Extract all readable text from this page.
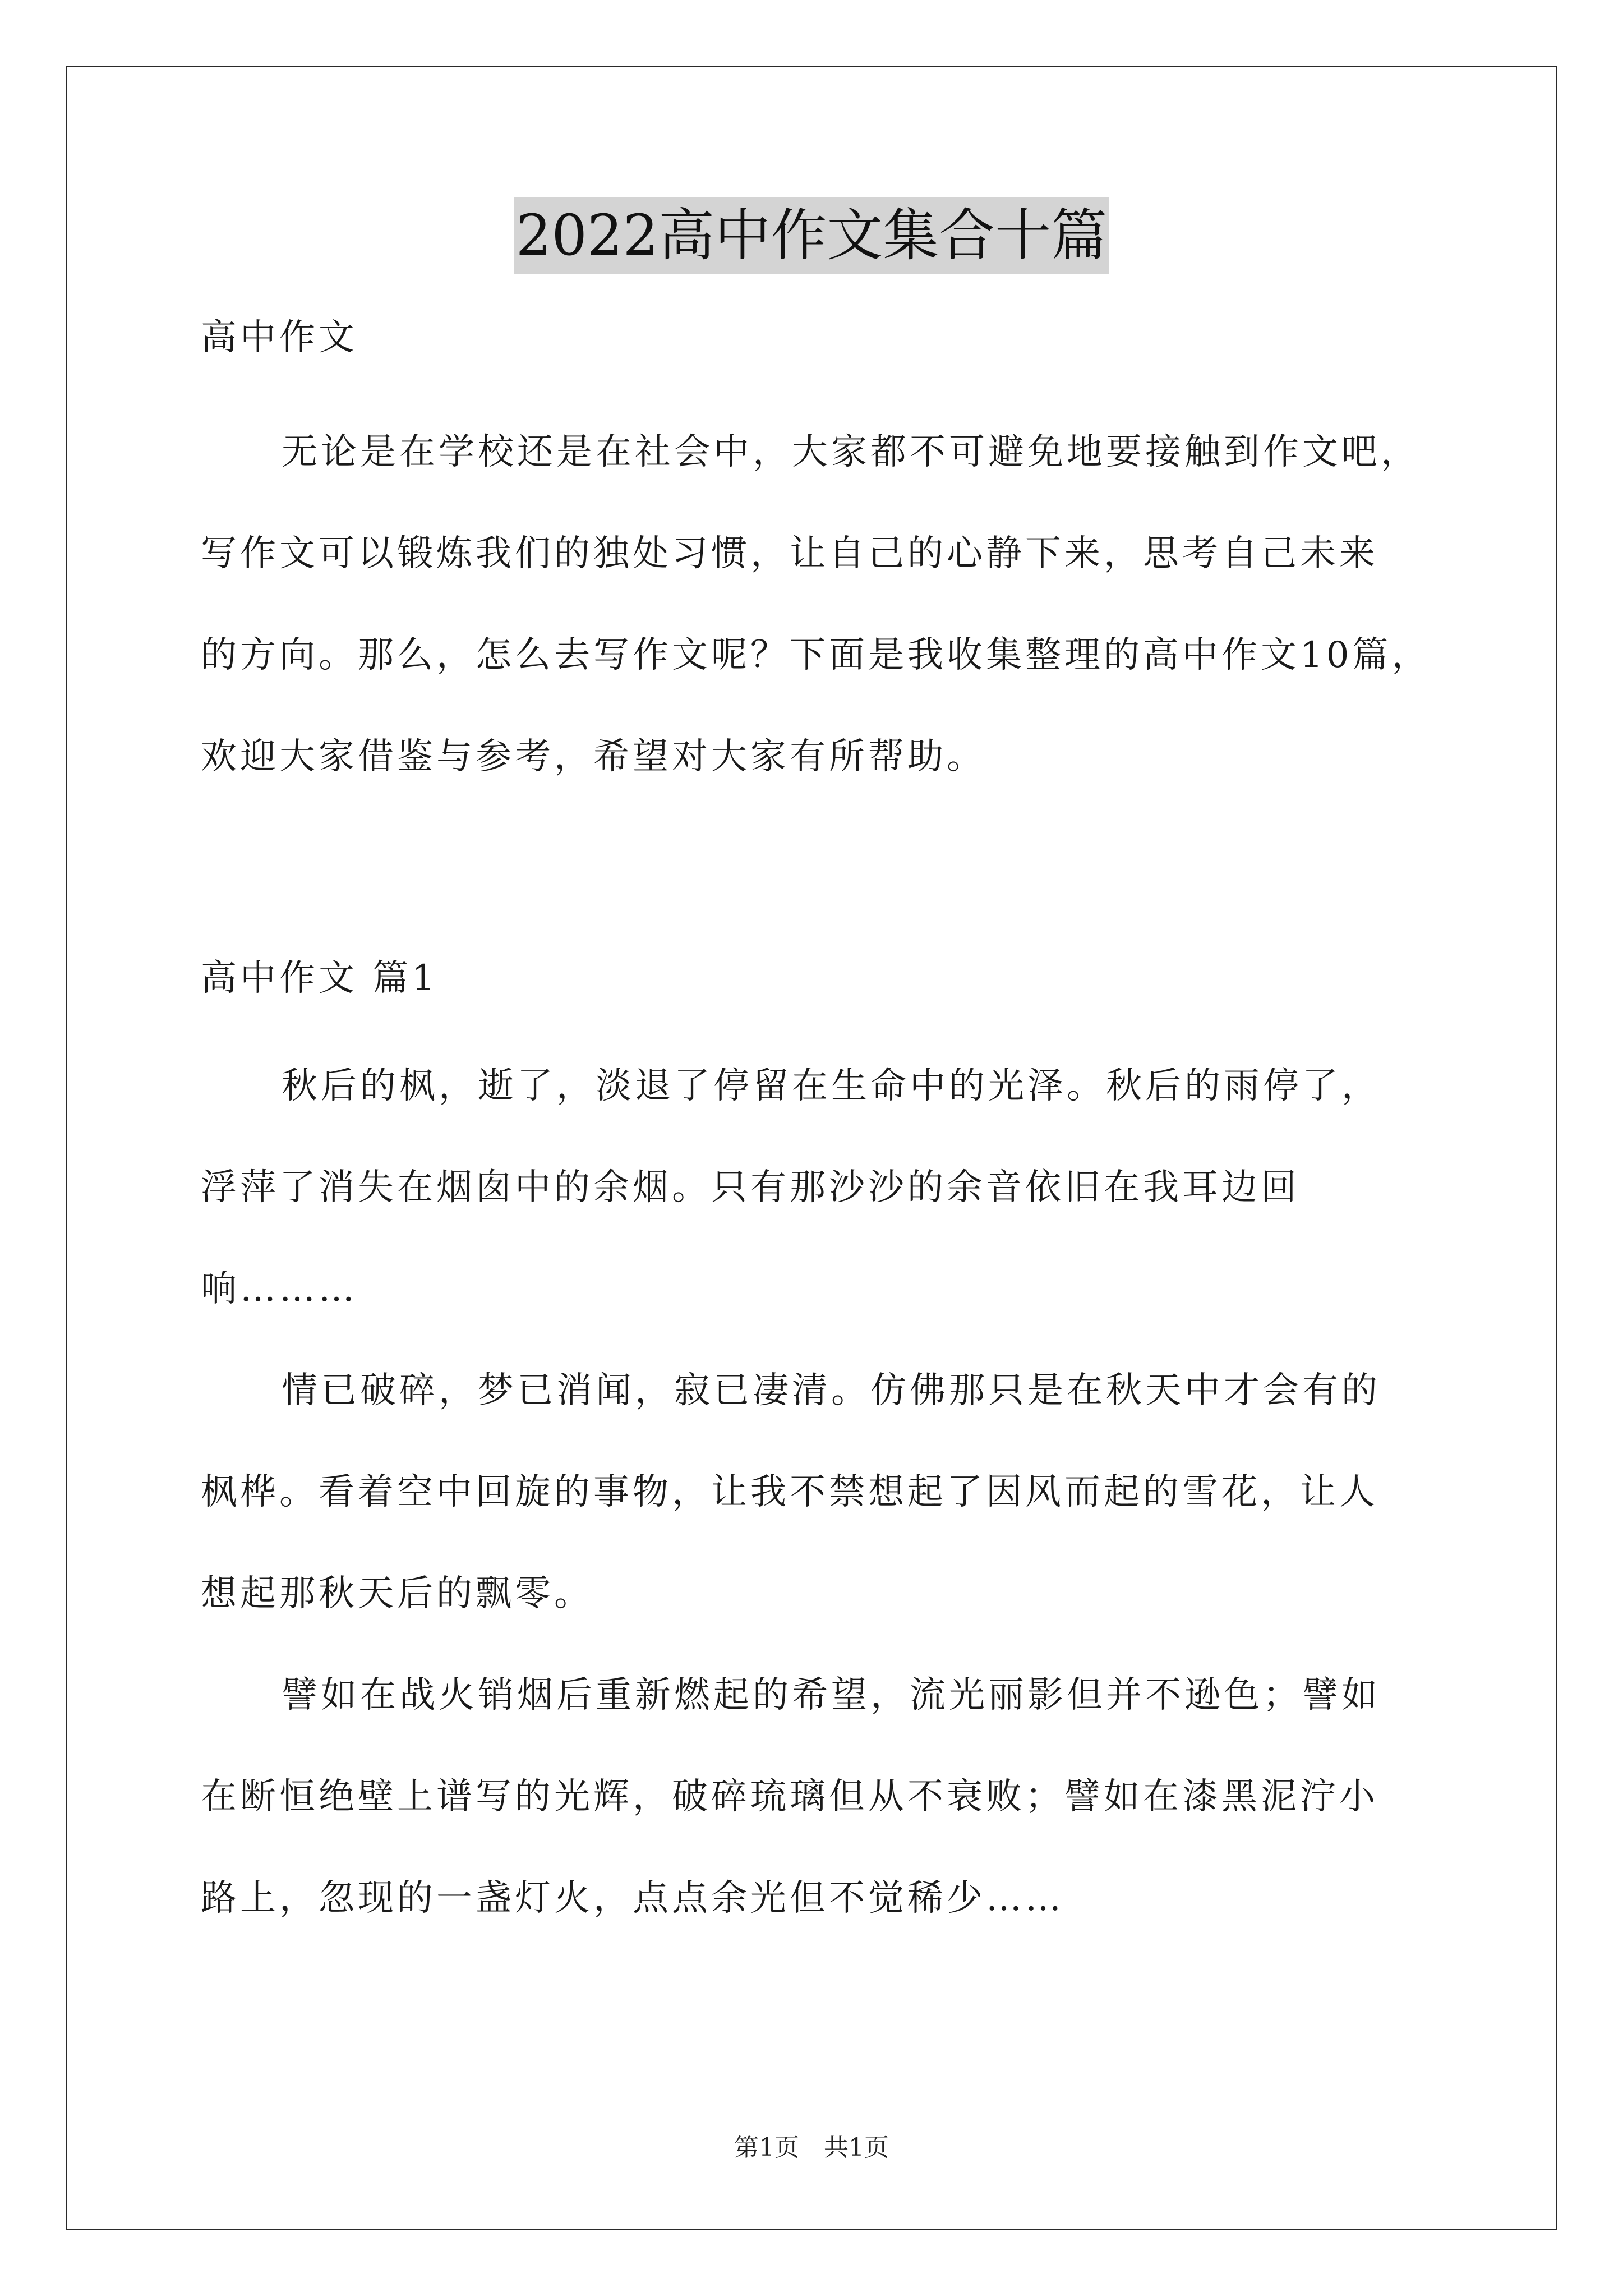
2022高中作文集合十篇
高中作文
无论是在学校还是在社会中，大家都不可避免地要接触到作文吧，
写作文可以锻炼我们的独处习惯，让自己的心静下来，思考自己未来
的方向。那么，怎么去写作文呢？下面是我收集整理的高中作文10篇，
欢迎大家借鉴与参考，希望对大家有所帮助。
高中作文 篇1
秋后的枫，逝了，淡退了停留在生命中的光泽。秋后的雨停了，
浮萍了消失在烟囱中的余烟。只有那沙沙的余音依旧在我耳边回
响………
情已破碎，梦已消闻，寂已凄清。仿佛那只是在秋天中才会有的
枫桦。看着空中回旋的事物，让我不禁想起了因风而起的雪花，让人
想起那秋天后的飘零。
譬如在战火销烟后重新燃起的希望，流光丽影但并不逊色；譬如
在断恒绝壁上谱写的光辉，破碎琉璃但从不衰败；譬如在漆黑泥泞小
路上，忽现的一盏灯火，点点余光但不觉稀少……
第1页　共1页
